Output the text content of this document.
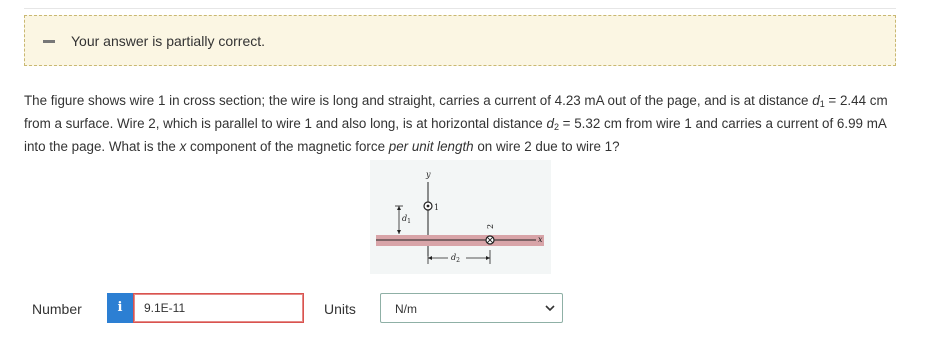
Your answer is partially correct.

The figure shows wire 1 in cross section; the wire is long and straight, carries a current of 4.23 mA out of the page, and is at distance $d_1 = 2.44$ cm from a surface. Wire 2, which is parallel to wire 1 and also long, is at horizontal distance $d_2 = 5.32$ cm from wire 1 and carries a current of 6.99 mA into the page. What is the x component of the magnetic force per unit length on wire 2 due to wire 1?

y
x
1
2
$d_1$
$d_2$
Number	i
9.1E-11	Units	N/m
